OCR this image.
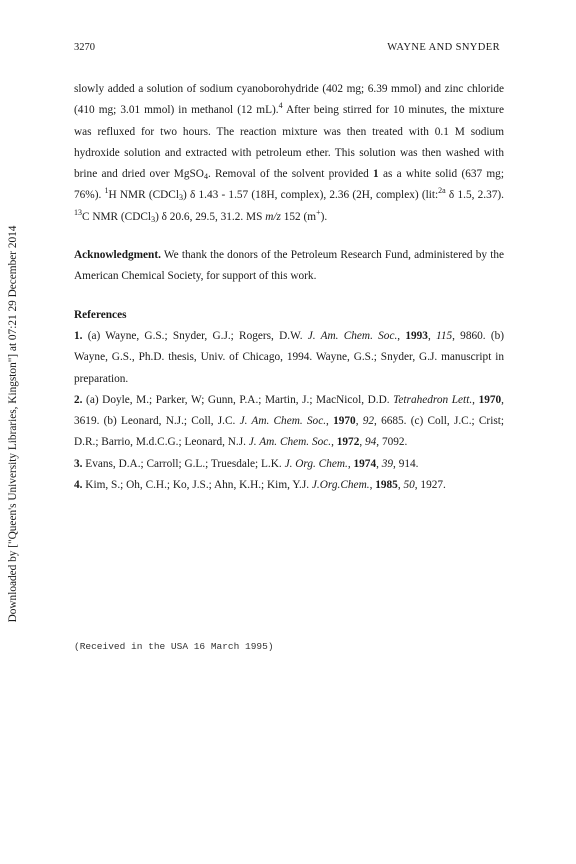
Downloaded by ["Queen's University Libraries, Kingston"] at 07:21 29 December 2014
3270	WAYNE AND SNYDER

slowly added a solution of sodium cyanoborohydride (402 mg; 6.39 mmol) and zinc chloride (410 mg; 3.01 mmol) in methanol (12 mL).$^4$ After being stirred for 10 minutes, the mixture was refluxed for two hours. The reaction mixture was then treated with 0.1 M sodium hydroxide solution and extracted with petroleum ether. This solution was then washed with brine and dried over MgSO$_4$. Removal of the solvent provided 1 as a white solid (637 mg; 76%). $^1$H NMR (CDCl$_3$) δ 1.43 - 1.57 (18H, complex), 2.36 (2H, complex) (lit:$^{2a}$ δ 1.5, 2.37). $^{13}$C NMR (CDCl$_3$) δ 20.6, 29.5, 31.2. MS m/z 152 (m+).

Acknowledgment. We thank the donors of the Petroleum Research Fund, administered by the American Chemical Society, for support of this work.

References

1. (a) Wayne, G.S.; Snyder, G.J.; Rogers, D.W. J. Am. Chem. Soc., 1993, 115, 9860. (b) Wayne, G.S., Ph.D. thesis, Univ. of Chicago, 1994. Wayne, G.S.; Snyder, G.J. manuscript in preparation.

2. (a) Doyle, M.; Parker, W; Gunn, P.A.; Martin, J.; MacNicol, D.D. Tetrahedron Lett., 1970, 3619. (b) Leonard, N.J.; Coll, J.C. J. Am. Chem. Soc., 1970, 92, 6685. (c) Coll, J.C.; Crist; D.R.; Barrio, M.d.C.G.; Leonard, N.J. J. Am. Chem. Soc., 1972, 94, 7092.

3. Evans, D.A.; Carroll; G.L.; Truesdale; L.K. J. Org. Chem., 1974, 39, 914.

4. Kim, S.; Oh, C.H.; Ko, J.S.; Ahn, K.H.; Kim, Y.J. J.Org.Chem., 1985, 50, 1927.

(Received in the USA 16 March 1995)
